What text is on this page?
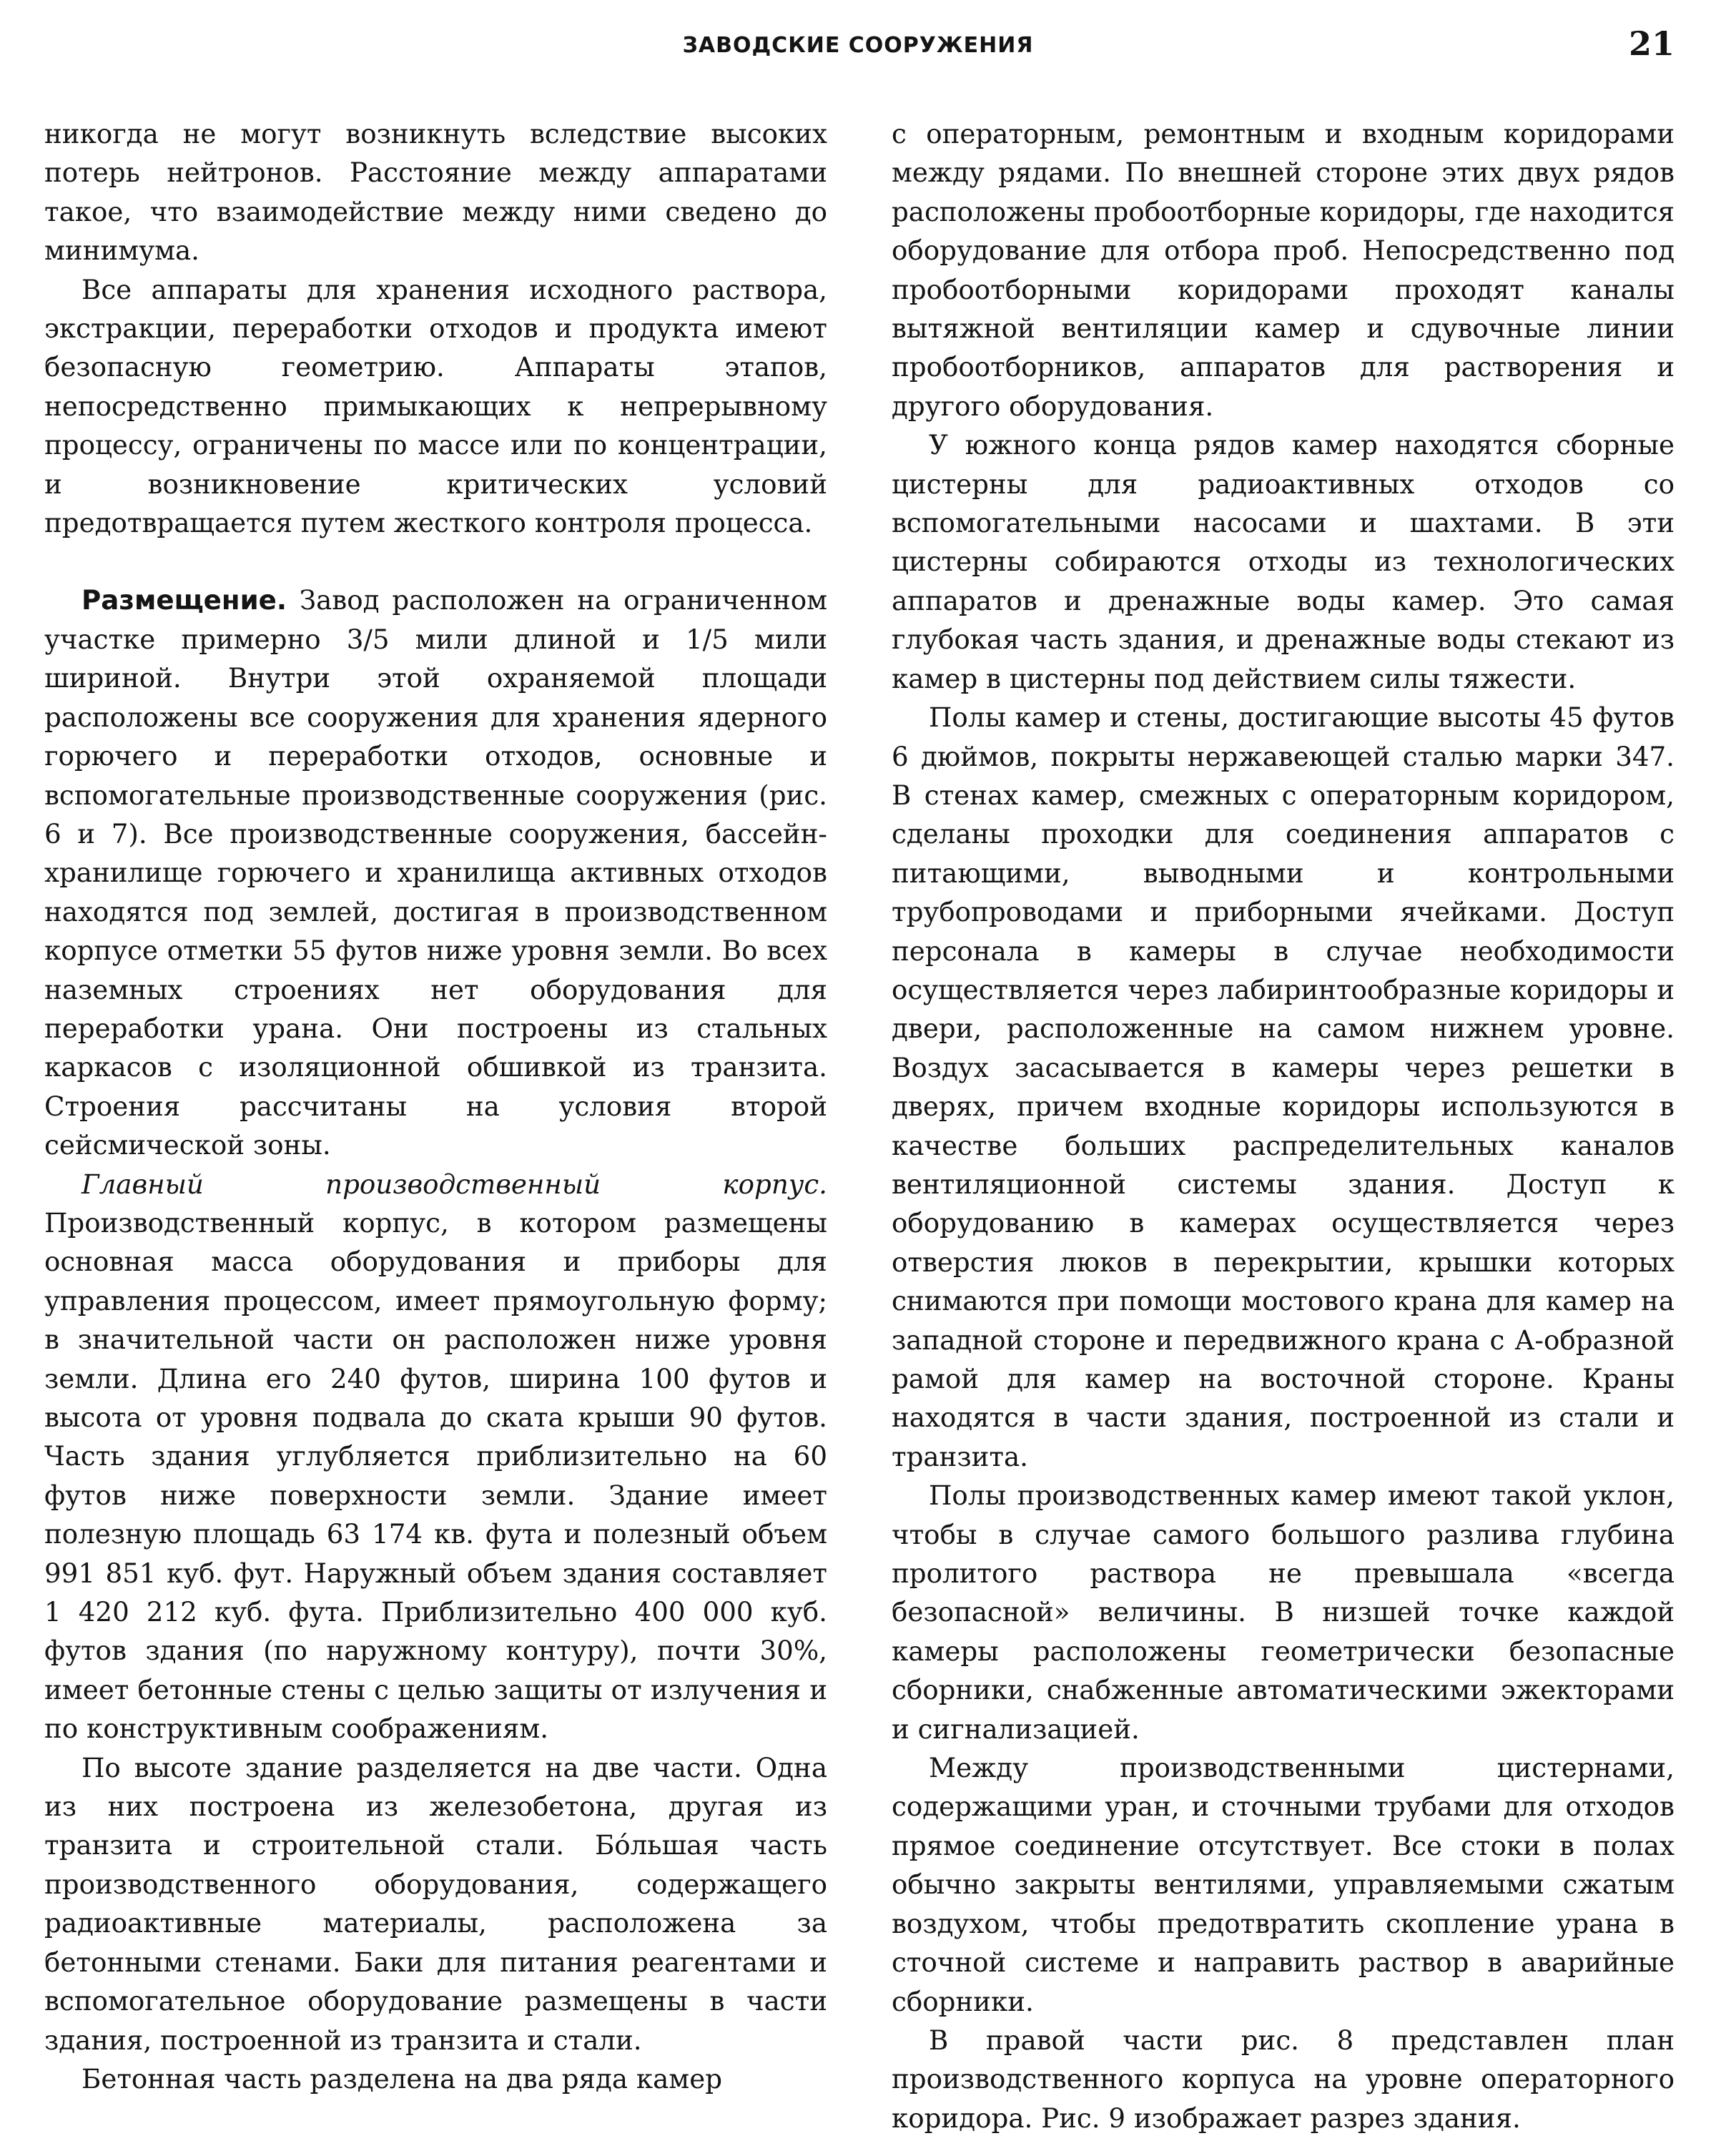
ЗАВОДСКИЕ СООРУЖЕНИЯ	21

никогда не могут возникнуть вследствие высоких потерь нейтронов. Расстояние между аппаратами такое, что взаимодействие между ними сведено до минимума.

Все аппараты для хранения исходного раствора, экстракции, переработки отходов и продукта имеют безопасную геометрию. Аппараты этапов, непосредственно примыкающих к непрерывному процессу, ограничены по массе или по концентрации, и возникновение критических условий предотвращается путем жесткого контроля процесса.

Размещение. Завод расположен на ограниченном участке примерно 3/5 мили длиной и 1/5 мили шириной. Внутри этой охраняемой площади расположены все сооружения для хранения ядерного горючего и переработки отходов, основные и вспомогательные производственные сооружения (рис. 6 и 7). Все производственные сооружения, бассейн-хранилище горючего и хранилища активных отходов находятся под землей, достигая в производственном корпусе отметки 55 футов ниже уровня земли. Во всех наземных строениях нет оборудования для переработки урана. Они построены из стальных каркасов с изоляционной обшивкой из транзита. Строения рассчитаны на условия второй сейсмической зоны.

Главный производственный корпус. Производственный корпус, в котором размещены основная масса оборудования и приборы для управления процессом, имеет прямоугольную форму; в значительной части он расположен ниже уровня земли. Длина его 240 футов, ширина 100 футов и высота от уровня подвала до ската крыши 90 футов. Часть здания углубляется приблизительно на 60 футов ниже поверхности земли. Здание имеет полезную площадь 63 174 кв. фута и полезный объем 991 851 куб. фут. Наружный объем здания составляет 1 420 212 куб. фута. Приблизительно 400 000 куб. футов здания (по наружному контуру), почти 30%, имеет бетонные стены с целью защиты от излучения и по конструктивным соображениям.

По высоте здание разделяется на две части. Одна из них построена из железобетона, другая из транзита и строительной стали. Бо́льшая часть производственного оборудования, содержащего радиоактивные материалы, расположена за бетонными стенами. Баки для питания реагентами и вспомогательное оборудование размещены в части здания, построенной из транзита и стали.

Бетонная часть разделена на два ряда камер

с операторным, ремонтным и входным коридорами между рядами. По внешней стороне этих двух рядов расположены пробоотборные коридоры, где находится оборудование для отбора проб. Непосредственно под пробоотборными коридорами проходят каналы вытяжной вентиляции камер и сдувочные линии пробоотборников, аппаратов для растворения и другого оборудования.

У южного конца рядов камер находятся сборные цистерны для радиоактивных отходов со вспомогательными насосами и шахтами. В эти цистерны собираются отходы из технологических аппаратов и дренажные воды камер. Это самая глубокая часть здания, и дренажные воды стекают из камер в цистерны под действием силы тяжести.

Полы камер и стены, достигающие высоты 45 футов 6 дюймов, покрыты нержавеющей сталью марки 347. В стенах камер, смежных с операторным коридором, сделаны проходки для соединения аппаратов с питающими, выводными и контрольными трубопроводами и приборными ячейками. Доступ персонала в камеры в случае необходимости осуществляется через лабиринтообразные коридоры и двери, расположенные на самом нижнем уровне. Воздух засасывается в камеры через решетки в дверях, причем входные коридоры используются в качестве больших распределительных каналов вентиляционной системы здания. Доступ к оборудованию в камерах осуществляется через отверстия люков в перекрытии, крышки которых снимаются при помощи мостового крана для камер на западной стороне и передвижного крана с А-образной рамой для камер на восточной стороне. Краны находятся в части здания, построенной из стали и транзита.

Полы производственных камер имеют такой уклон, чтобы в случае самого большого разлива глубина пролитого раствора не превышала «всегда безопасной» величины. В низшей точке каждой камеры расположены геометрически безопасные сборники, снабженные автоматическими эжекторами и сигнализацией.

Между производственными цистернами, содержащими уран, и сточными трубами для отходов прямое соединение отсутствует. Все стоки в полах обычно закрыты вентилями, управляемыми сжатым воздухом, чтобы предотвратить скопление урана в сточной системе и направить раствор в аварийные сборники.

В правой части рис. 8 представлен план производственного корпуса на уровне операторного коридора. Рис. 9 изображает разрез здания.
